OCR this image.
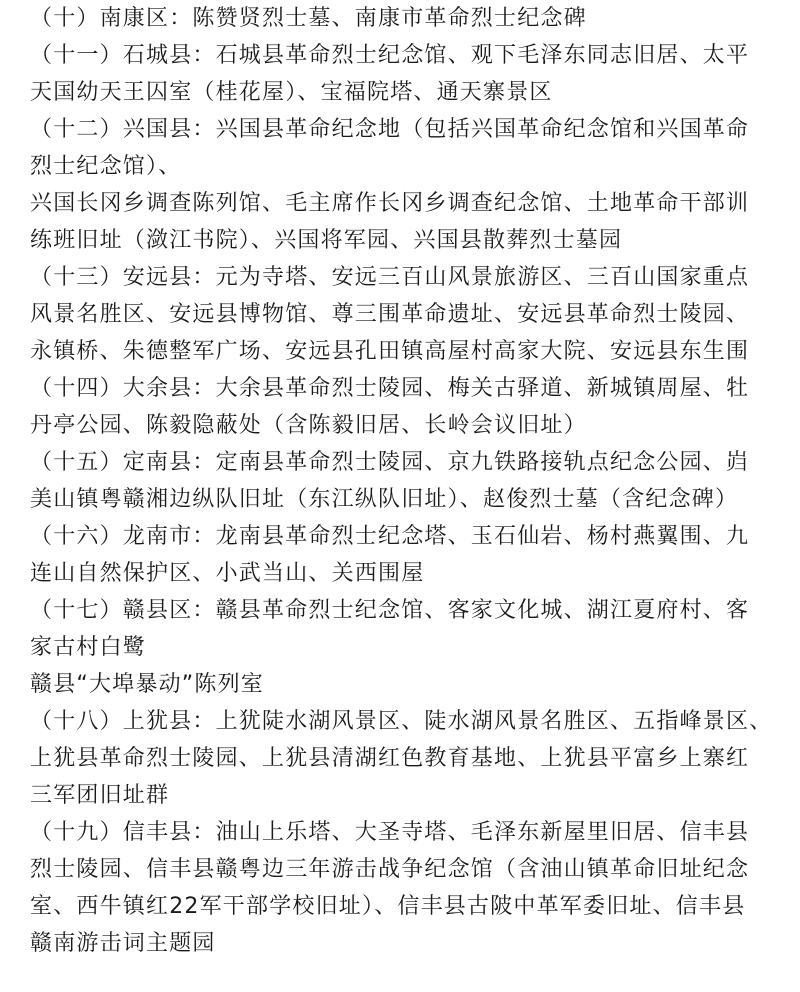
（十）南康区：陈赞贤烈士墓、南康市革命烈士纪念碑
（十一）石城县：石城县革命烈士纪念馆、观下毛泽东同志旧居、太平
天国幼天王囚室（桂花屋）、宝福院塔、通天寨景区
（十二）兴国县：兴国县革命纪念地（包括兴国革命纪念馆和兴国革命
烈士纪念馆）、
兴国长冈乡调查陈列馆、毛主席作长冈乡调查纪念馆、土地革命干部训
练班旧址（潋江书院）、兴国将军园、兴国县散葬烈士墓园
（十三）安远县：元为寺塔、安远三百山风景旅游区、三百山国家重点
风景名胜区、安远县博物馆、尊三围革命遗址、安远县革命烈士陵园、
永镇桥、朱德整军广场、安远县孔田镇高屋村高家大院、安远县东生围
（十四）大余县：大余县革命烈士陵园、梅关古驿道、新城镇周屋、牡
丹亭公园、陈毅隐蔽处（含陈毅旧居、长岭会议旧址）
（十五）定南县：定南县革命烈士陵园、京九铁路接轨点纪念公园、岿
美山镇粤赣湘边纵队旧址（东江纵队旧址）、赵俊烈士墓（含纪念碑）
（十六）龙南市：龙南县革命烈士纪念塔、玉石仙岩、杨村燕翼围、九
连山自然保护区、小武当山、关西围屋
（十七）赣县区：赣县革命烈士纪念馆、客家文化城、湖江夏府村、客
家古村白鹭
赣县“大埠暴动”陈列室
（十八）上犹县：上犹陡水湖风景区、陡水湖风景名胜区、五指峰景区、
上犹县革命烈士陵园、上犹县清湖红色教育基地、上犹县平富乡上寨红
三军团旧址群
（十九）信丰县：油山上乐塔、大圣寺塔、毛泽东新屋里旧居、信丰县
烈士陵园、信丰县赣粤边三年游击战争纪念馆（含油山镇革命旧址纪念
室、西牛镇红22军干部学校旧址）、信丰县古陂中革军委旧址、信丰县
赣南游击词主题园
